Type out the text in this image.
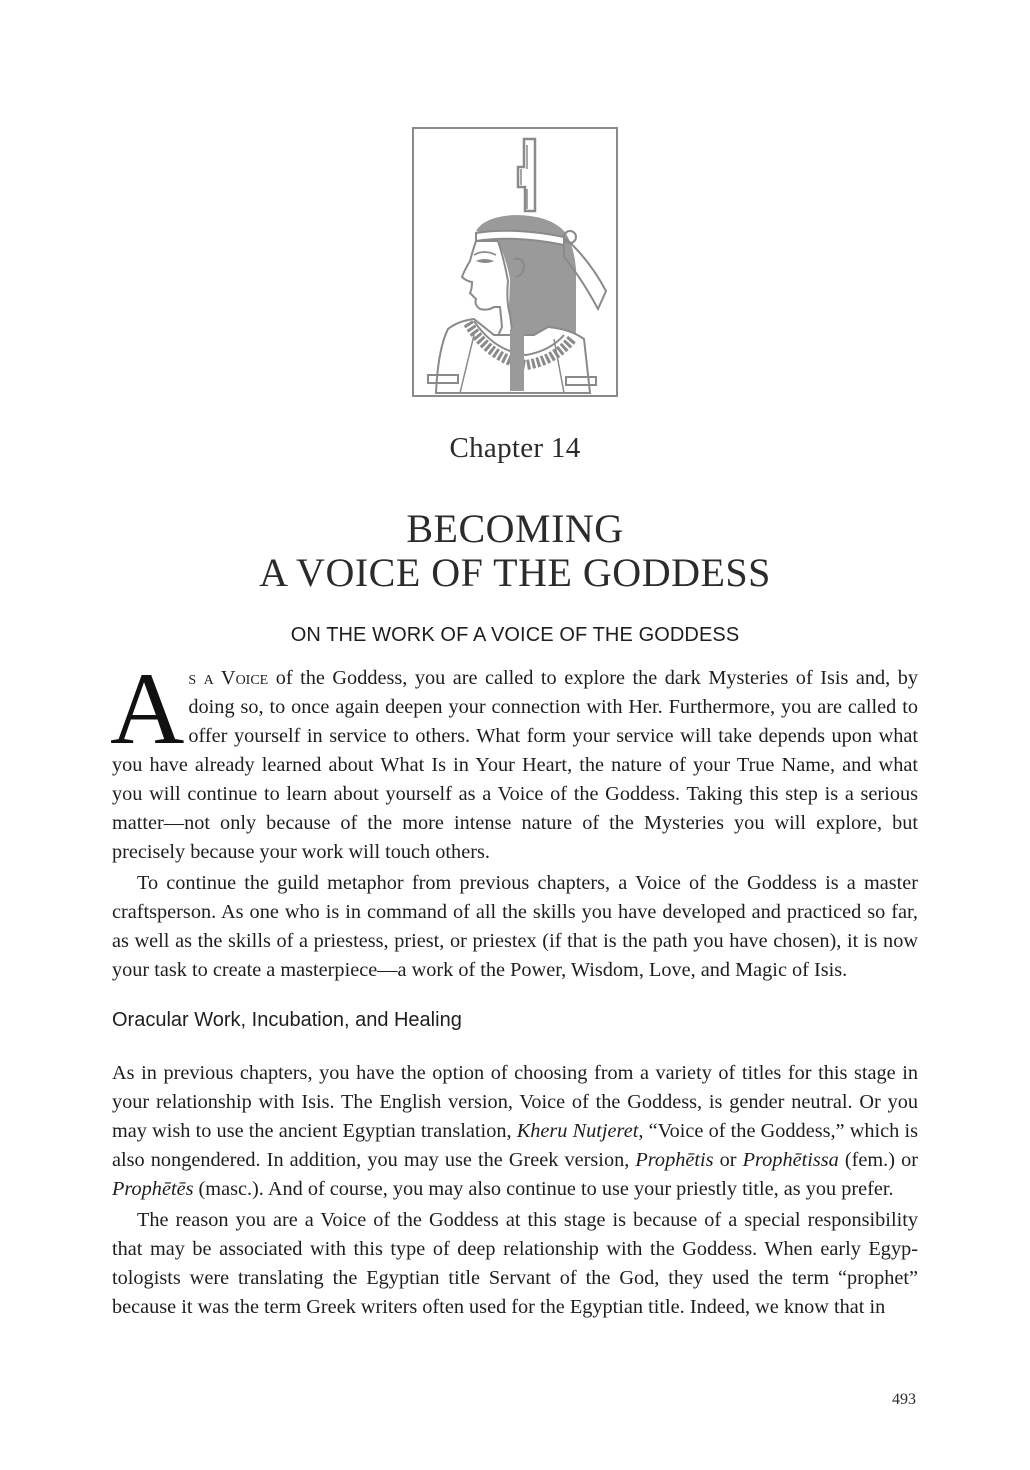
Chapter 14
BECOMING
A VOICE OF THE GODDESS
ON THE WORK OF A VOICE OF THE GODDESS

As a Voice of the Goddess, you are called to explore the dark Mysteries of Isis and, by doing so, to once again deepen your connection with Her. Furthermore, you are called to offer yourself in service to others. What form your service will take depends upon what you have already learned about What Is in Your Heart, the nature of your True Name, and what you will continue to learn about yourself as a Voice of the Goddess. Taking this step is a serious matter—not only because of the more intense nature of the Mysteries you will explore, but precisely because your work will touch others.

To continue the guild metaphor from previous chapters, a Voice of the Goddess is a master craftsperson. As one who is in command of all the skills you have developed and practiced so far, as well as the skills of a priestess, priest, or priestex (if that is the path you have chosen), it is now your task to create a masterpiece—a work of the Power, Wisdom, Love, and Magic of Isis.

Oracular Work, Incubation, and Healing

As in previous chapters, you have the option of choosing from a variety of titles for this stage in your relationship with Isis. The English version, Voice of the Goddess, is gender neutral. Or you may wish to use the ancient Egyptian translation, Kheru Nutjeret, “Voice of the Goddess,” which is also nongendered. In addition, you may use the Greek version, Prophētis or Prophētissa (fem.) or Prophētēs (masc.). And of course, you may also continue to use your priestly title, as you prefer.

The reason you are a Voice of the Goddess at this stage is because of a special responsibility that may be associated with this type of deep relationship with the Goddess. When early Egyptologists were translating the Egyptian title Servant of the God, they used the term “prophet” because it was the term Greek writers often used for the Egyptian title. Indeed, we know that in

493
